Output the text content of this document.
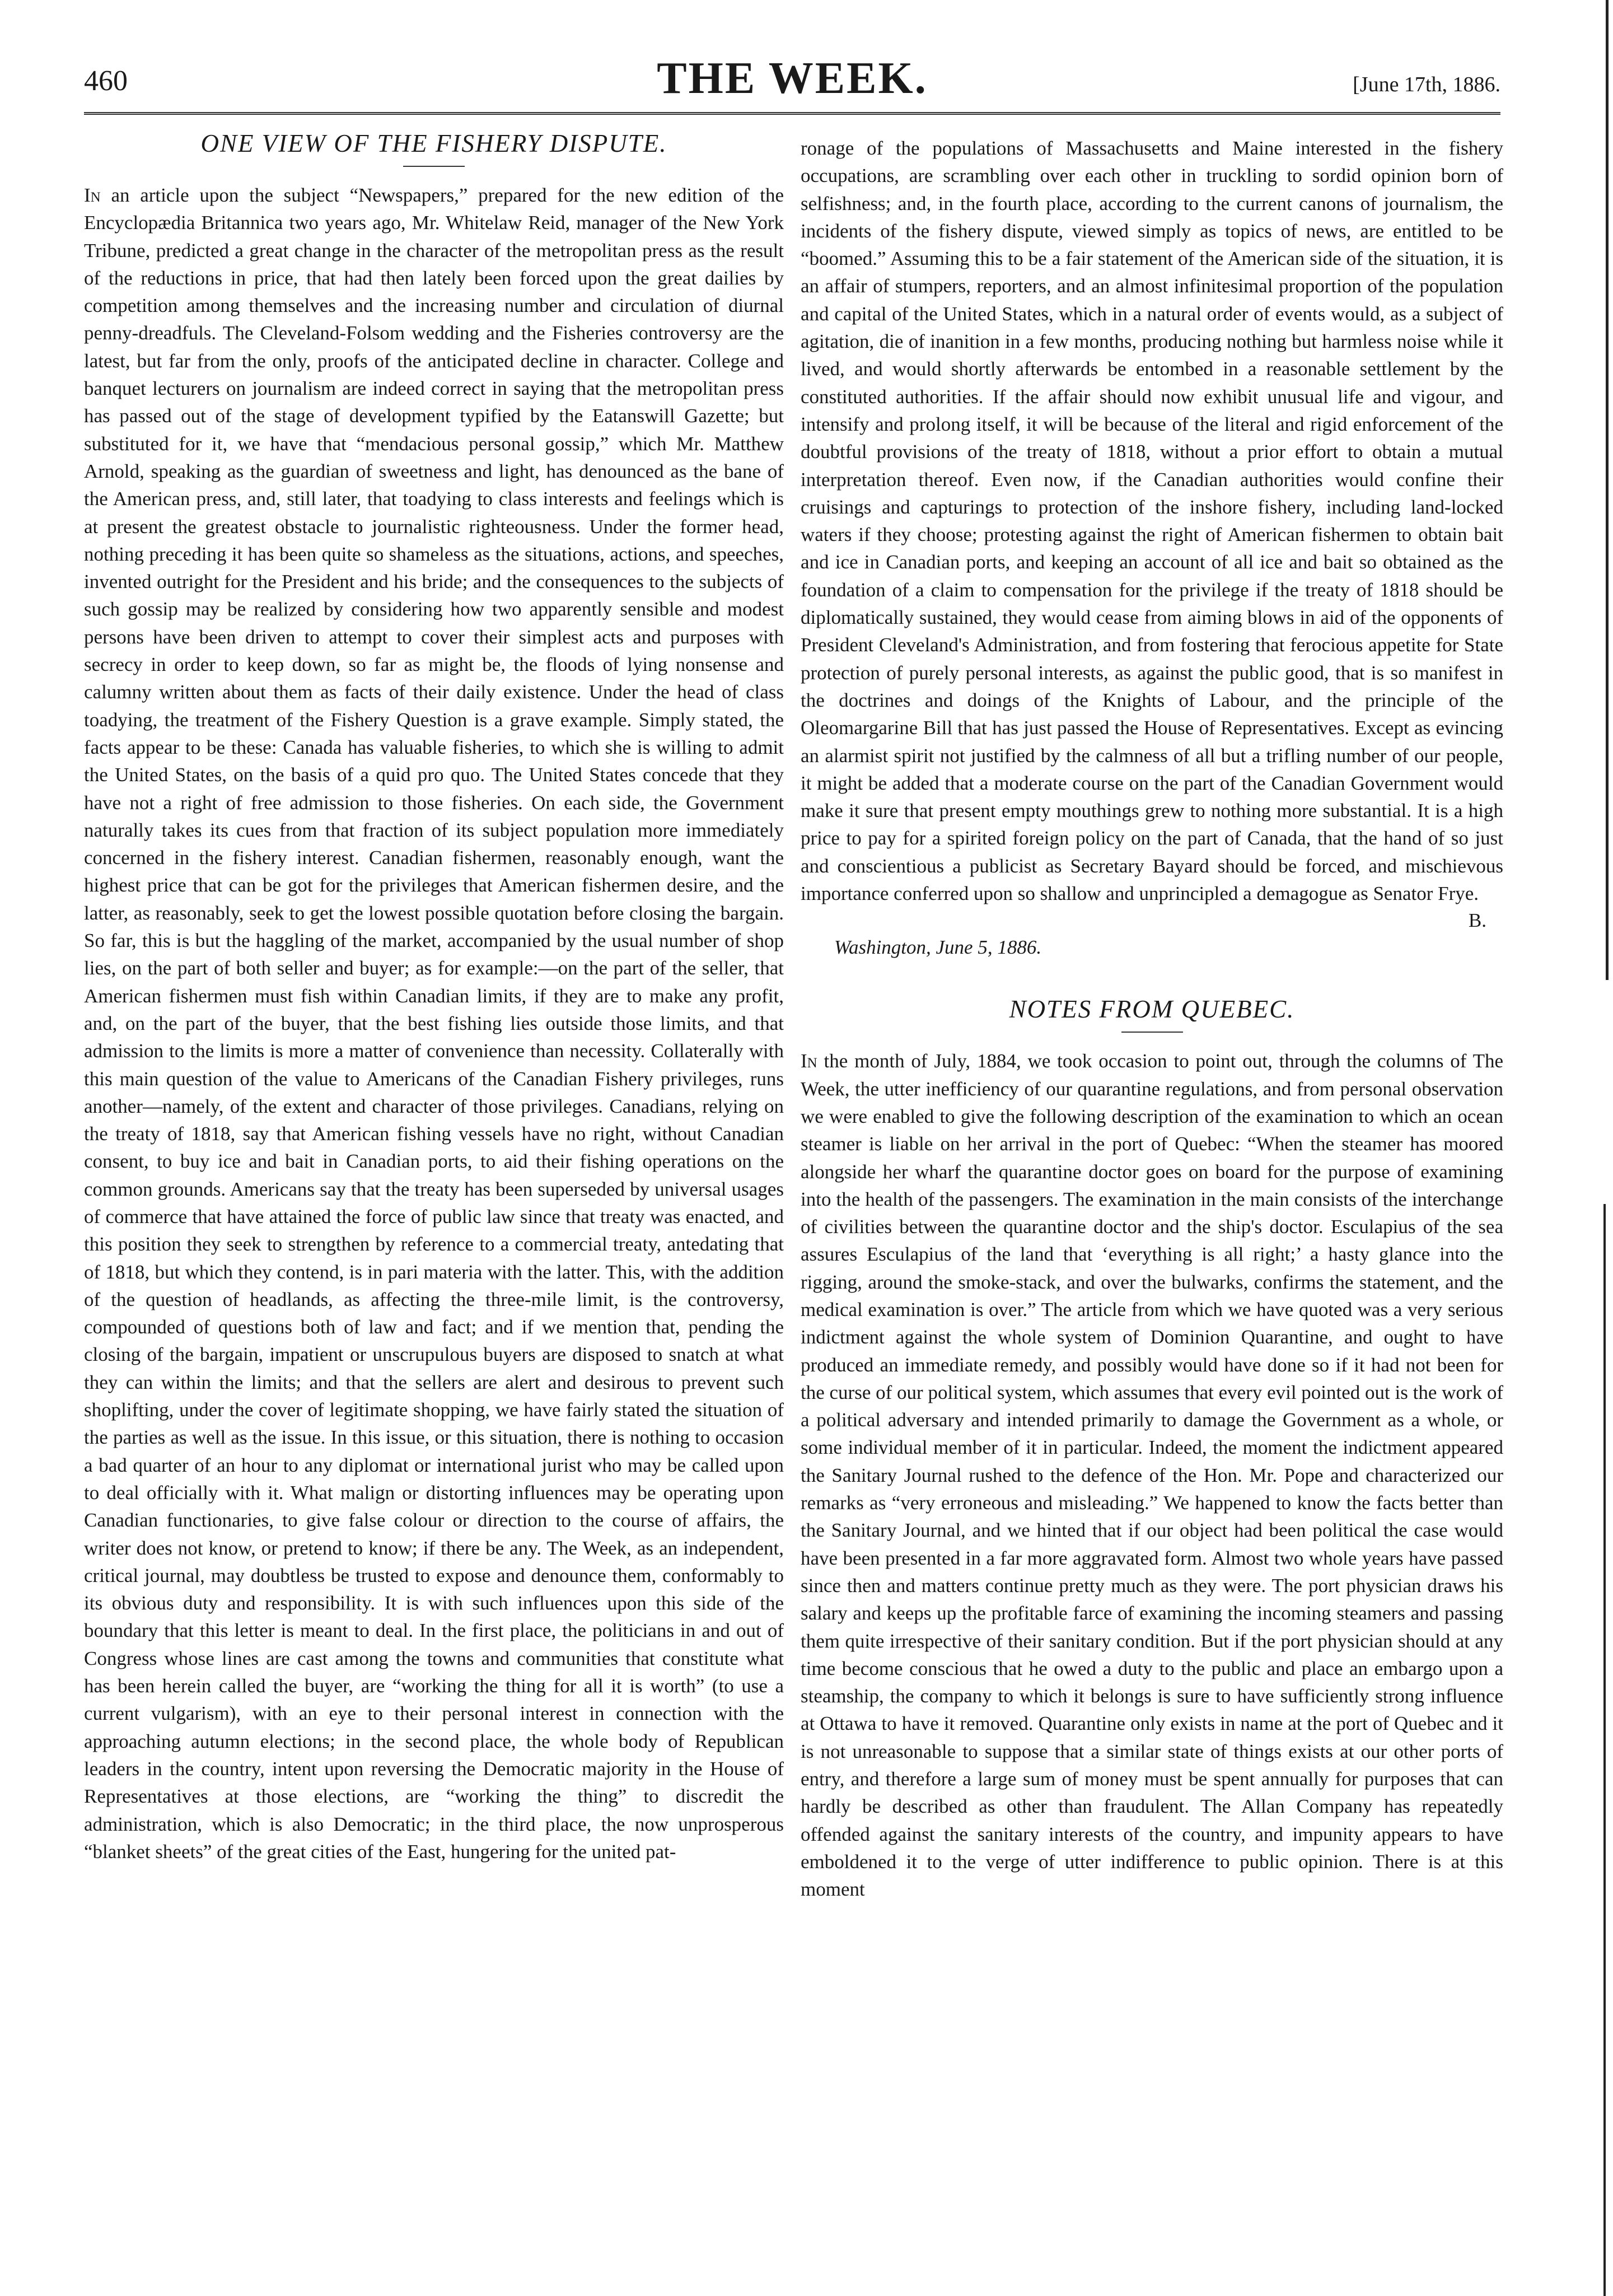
460	THE WEEK.	[June 17th, 1886.
ONE VIEW OF THE FISHERY DISPUTE.

In an article upon the subject “Newspapers,” prepared for the new edition of the Encyclopædia Britannica two years ago, Mr. Whitelaw Reid, manager of the New York Tribune, predicted a great change in the character of the metropolitan press as the result of the reductions in price, that had then lately been forced upon the great dailies by competition among themselves and the increasing number and circulation of diurnal penny-dreadfuls. The Cleveland-Folsom wedding and the Fisheries controversy are the latest, but far from the only, proofs of the anticipated decline in character. College and banquet lecturers on journalism are indeed correct in saying that the metropolitan press has passed out of the stage of development typified by the Eatanswill Gazette; but substituted for it, we have that “mendacious personal gossip,” which Mr. Matthew Arnold, speaking as the guardian of sweetness and light, has denounced as the bane of the American press, and, still later, that toadying to class interests and feelings which is at present the greatest obstacle to journalistic righteousness. Under the former head, nothing preceding it has been quite so shameless as the situations, actions, and speeches, invented outright for the President and his bride; and the consequences to the subjects of such gossip may be realized by considering how two apparently sensible and modest persons have been driven to attempt to cover their simplest acts and purposes with secrecy in order to keep down, so far as might be, the floods of lying nonsense and calumny written about them as facts of their daily existence. Under the head of class toadying, the treatment of the Fishery Question is a grave example. Simply stated, the facts appear to be these: Canada has valuable fisheries, to which she is willing to admit the United States, on the basis of a quid pro quo. The United States concede that they have not a right of free admission to those fisheries. On each side, the Government naturally takes its cues from that fraction of its subject population more immediately concerned in the fishery interest. Canadian fishermen, reasonably enough, want the highest price that can be got for the privileges that American fishermen desire, and the latter, as reasonably, seek to get the lowest possible quotation before closing the bargain. So far, this is but the haggling of the market, accompanied by the usual number of shop lies, on the part of both seller and buyer; as for example:—on the part of the seller, that American fishermen must fish within Canadian limits, if they are to make any profit, and, on the part of the buyer, that the best fishing lies outside those limits, and that admission to the limits is more a matter of convenience than necessity. Collaterally with this main question of the value to Americans of the Canadian Fishery privileges, runs another—namely, of the extent and character of those privileges. Canadians, relying on the treaty of 1818, say that American fishing vessels have no right, without Canadian consent, to buy ice and bait in Canadian ports, to aid their fishing operations on the common grounds. Americans say that the treaty has been superseded by universal usages of commerce that have attained the force of public law since that treaty was enacted, and this position they seek to strengthen by reference to a commercial treaty, antedating that of 1818, but which they contend, is in pari materia with the latter. This, with the addition of the question of headlands, as affecting the three-mile limit, is the controversy, compounded of questions both of law and fact; and if we mention that, pending the closing of the bargain, impatient or unscrupulous buyers are disposed to snatch at what they can within the limits; and that the sellers are alert and desirous to prevent such shoplifting, under the cover of legitimate shopping, we have fairly stated the situation of the parties as well as the issue. In this issue, or this situation, there is nothing to occasion a bad quarter of an hour to any diplomat or international jurist who may be called upon to deal officially with it. What malign or distorting influences may be operating upon Canadian functionaries, to give false colour or direction to the course of affairs, the writer does not know, or pretend to know; if there be any. The Week, as an independent, critical journal, may doubtless be trusted to expose and denounce them, conformably to its obvious duty and responsibility. It is with such influences upon this side of the boundary that this letter is meant to deal. In the first place, the politicians in and out of Congress whose lines are cast among the towns and communities that constitute what has been herein called the buyer, are “working the thing for all it is worth” (to use a current vulgarism), with an eye to their personal interest in connection with the approaching autumn elections; in the second place, the whole body of Republican leaders in the country, intent upon reversing the Democratic majority in the House of Representatives at those elections, are “working the thing” to discredit the administration, which is also Democratic; in the third place, the now unprosperous “blanket sheets” of the great cities of the East, hungering for the united pat-

ronage of the populations of Massachusetts and Maine interested in the fishery occupations, are scrambling over each other in truckling to sordid opinion born of selfishness; and, in the fourth place, according to the current canons of journalism, the incidents of the fishery dispute, viewed simply as topics of news, are entitled to be “boomed.” Assuming this to be a fair statement of the American side of the situation, it is an affair of stumpers, reporters, and an almost infinitesimal proportion of the population and capital of the United States, which in a natural order of events would, as a subject of agitation, die of inanition in a few months, producing nothing but harmless noise while it lived, and would shortly afterwards be entombed in a reasonable settlement by the constituted authorities. If the affair should now exhibit unusual life and vigour, and intensify and prolong itself, it will be because of the literal and rigid enforcement of the doubtful provisions of the treaty of 1818, without a prior effort to obtain a mutual interpretation thereof. Even now, if the Canadian authorities would confine their cruisings and capturings to protection of the inshore fishery, including land-locked waters if they choose; protesting against the right of American fishermen to obtain bait and ice in Canadian ports, and keeping an account of all ice and bait so obtained as the foundation of a claim to compensation for the privilege if the treaty of 1818 should be diplomatically sustained, they would cease from aiming blows in aid of the opponents of President Cleveland's Administration, and from fostering that ferocious appetite for State protection of purely personal interests, as against the public good, that is so manifest in the doctrines and doings of the Knights of Labour, and the principle of the Oleomargarine Bill that has just passed the House of Representatives. Except as evincing an alarmist spirit not justified by the calmness of all but a trifling number of our people, it might be added that a moderate course on the part of the Canadian Government would make it sure that present empty mouthings grew to nothing more substantial. It is a high price to pay for a spirited foreign policy on the part of Canada, that the hand of so just and conscientious a publicist as Secretary Bayard should be forced, and mischievous importance conferred upon so shallow and unprincipled a demagogue as Senator Frye.

B.

Washington, June 5, 1886.

NOTES FROM QUEBEC.

In the month of July, 1884, we took occasion to point out, through the columns of The Week, the utter inefficiency of our quarantine regulations, and from personal observation we were enabled to give the following description of the examination to which an ocean steamer is liable on her arrival in the port of Quebec: “When the steamer has moored alongside her wharf the quarantine doctor goes on board for the purpose of examining into the health of the passengers. The examination in the main consists of the interchange of civilities between the quarantine doctor and the ship's doctor. Esculapius of the sea assures Esculapius of the land that ‘everything is all right;’ a hasty glance into the rigging, around the smoke-stack, and over the bulwarks, confirms the statement, and the medical examination is over.” The article from which we have quoted was a very serious indictment against the whole system of Dominion Quarantine, and ought to have produced an immediate remedy, and possibly would have done so if it had not been for the curse of our political system, which assumes that every evil pointed out is the work of a political adversary and intended primarily to damage the Government as a whole, or some individual member of it in particular. Indeed, the moment the indictment appeared the Sanitary Journal rushed to the defence of the Hon. Mr. Pope and characterized our remarks as “very erroneous and misleading.” We happened to know the facts better than the Sanitary Journal, and we hinted that if our object had been political the case would have been presented in a far more aggravated form. Almost two whole years have passed since then and matters continue pretty much as they were. The port physician draws his salary and keeps up the profitable farce of examining the incoming steamers and passing them quite irrespective of their sanitary condition. But if the port physician should at any time become conscious that he owed a duty to the public and place an embargo upon a steamship, the company to which it belongs is sure to have sufficiently strong influence at Ottawa to have it removed. Quarantine only exists in name at the port of Quebec and it is not unreasonable to suppose that a similar state of things exists at our other ports of entry, and therefore a large sum of money must be spent annually for purposes that can hardly be described as other than fraudulent. The Allan Company has repeatedly offended against the sanitary interests of the country, and impunity appears to have emboldened it to the verge of utter indifference to public opinion. There is at this moment
